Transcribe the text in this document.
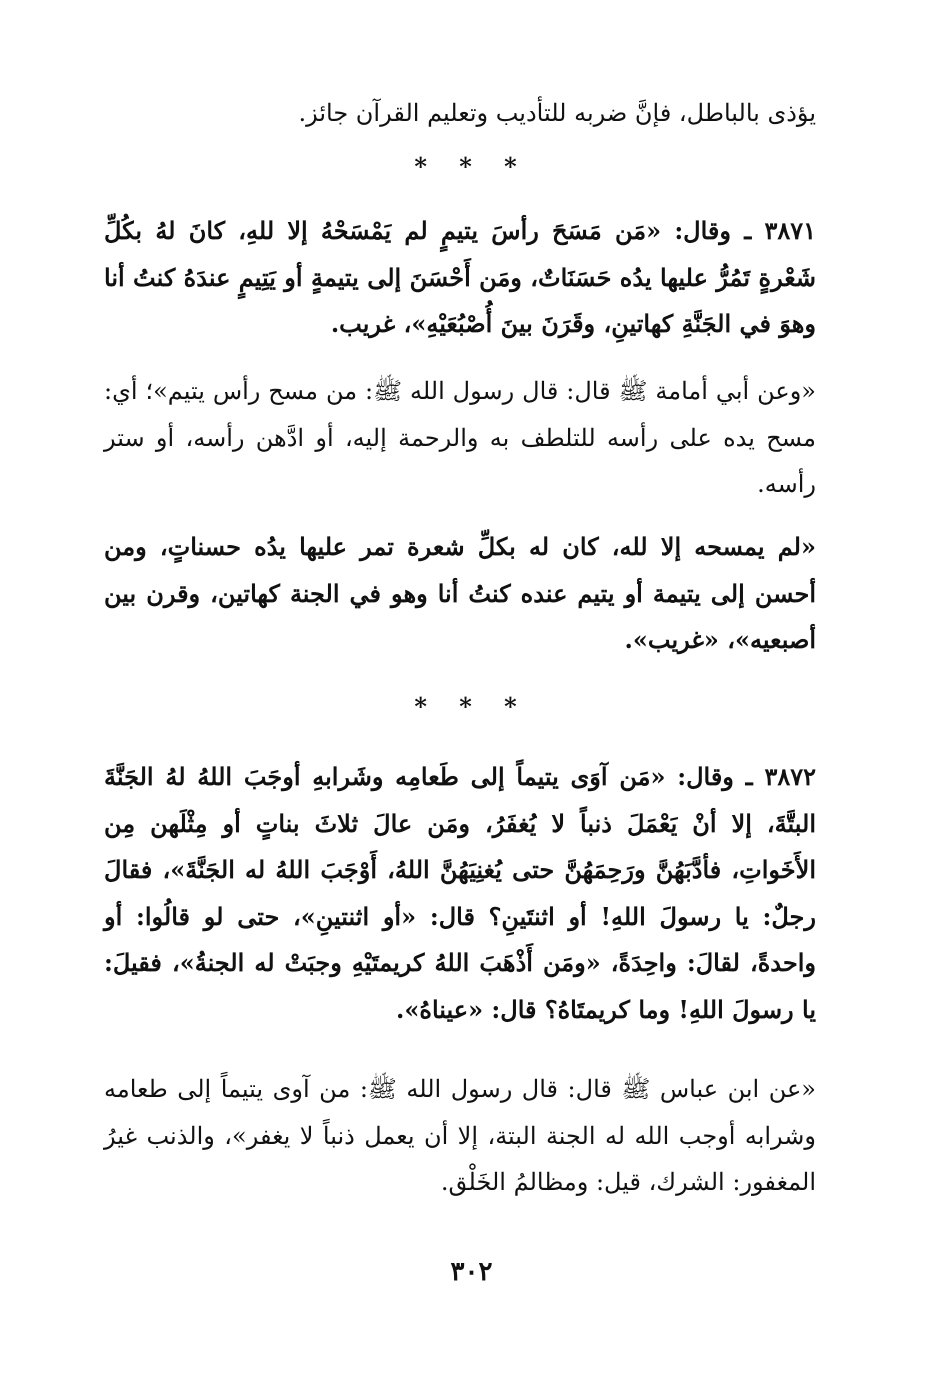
يؤذى بالباطل، فإنَّ ضربه للتأديب وتعليم القرآن جائز.

* * *

٣٨٧١ ـ وقال: «مَن مَسَحَ رأسَ يتيمٍ لم يَمْسَحْهُ إلا للهِ، كانَ لهُ بكُلِّ شَعْرةٍ تَمُرُّ عليها يدُه حَسَنَاتٌ، ومَن أَحْسَنَ إلى يتيمةٍ أو يَتِيمٍ عندَهُ كنتُ أنا وهوَ في الجَنَّةِ كهاتينِ، وقَرَنَ بينَ أُصْبُعَيْهِ»، غريب.

«وعن أبي أمامة ﷺ قال: قال رسول الله ﷺ: من مسح رأس يتيم»؛ أي: مسح يده على رأسه للتلطف به والرحمة إليه، أو ادَّهن رأسه، أو ستر رأسه.

«لم يمسحه إلا لله، كان له بكلِّ شعرة تمر عليها يدُه حسناتٍ، ومن أحسن إلى يتيمة أو يتيم عنده كنتُ أنا وهو في الجنة كهاتين، وقرن بين أصبعيه»، «غريب».

* * *

٣٨٧٢ ـ وقال: «مَن آوَى يتيماً إلى طَعامِه وشَرابهِ أوجَبَ اللهُ لهُ الجَنَّةَ البتَّةَ، إلا أنْ يَعْمَلَ ذنباً لا يُغفَرُ، ومَن عالَ ثلاثَ بناتٍ أو مِثْلَهن مِن الأَخَواتِ، فأدَّبَهُنَّ ورَحِمَهُنَّ حتى يُغنِيَهُنَّ اللهُ، أَوْجَبَ اللهُ له الجَنَّةَ»، فقالَ رجلٌ: يا رسولَ اللهِ! أو اثنتَينِ؟ قال: «أو اثنتينِ»، حتى لو قالُوا: أو واحدةً، لقالَ: واحِدَةً، «ومَن أَذْهَبَ اللهُ كريمتَيْهِ وجبَتْ له الجنةُ»، فقيلَ: يا رسولَ اللهِ! وما كريمتَاهُ؟ قال: «عيناهُ».

«عن ابن عباس ﷺ قال: قال رسول الله ﷺ: من آوى يتيماً إلى طعامه وشرابه أوجب الله له الجنة البتة، إلا أن يعمل ذنباً لا يغفر»، والذنب غيرُ المغفور: الشرك، قيل: ومظالمُ الخَلْق.

٣٠٢
